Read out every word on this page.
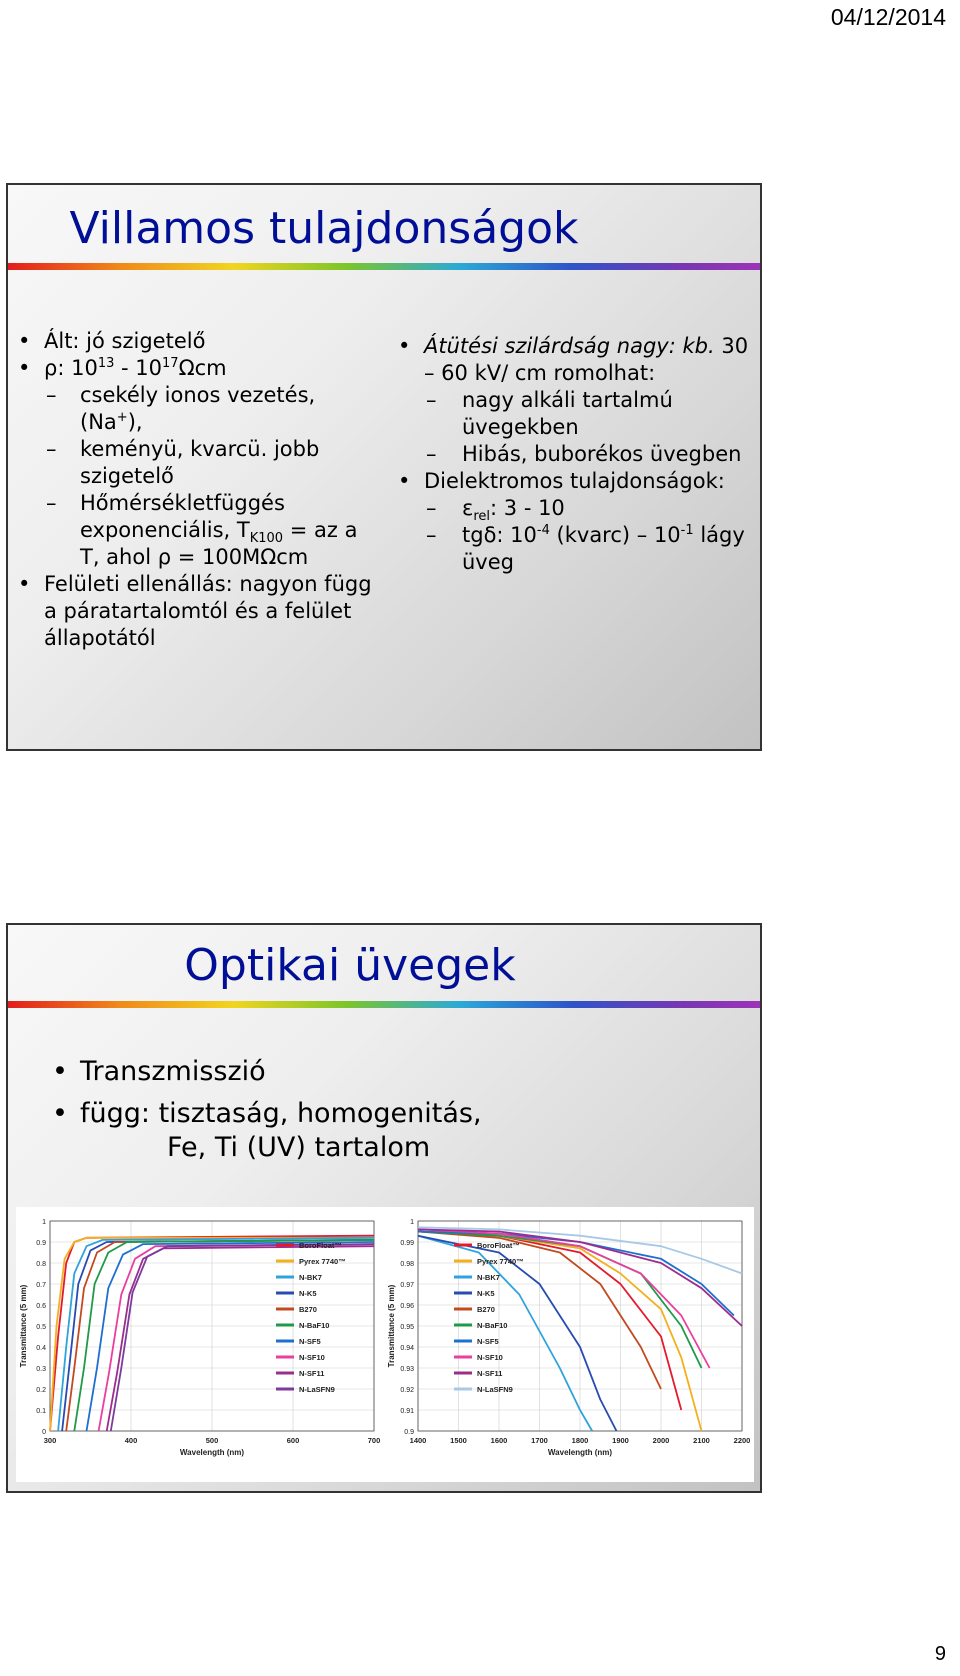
04/12/2014
Villamos tulajdonságok

• Ált: jó szigetelő

• ρ: $10^{13} - 10^{17}\Omega cm$

– csekély ionos vezetés, (Na+),

– keményü, kvarcü. jobb szigetelő

– Hőmérsékletfüggés exponenciális, $T_{K100}$ = az a T, ahol ρ = 100MΩcm

• Felületi ellenállás: nagyon függ a páratartalomtól és a felület állapotától

• Átütési szilárdság nagy: kb. 30 – 60 kV/ cm romolhat:

– nagy alkáli tartalmú üvegekben

– Hibás, buborékos üvegben

• Dielektromos tulajdonságok:

– $\varepsilon_{rel}$: 3 - 10

– tgδ: $10^{-4}$ (kvarc) – $10^{-1}$ lágy üveg

Optikai üvegek
• Transzmisszió
• függ: tisztaság, homogenitás,
Fe, Ti (UV) tartalom
0
0.1
0.2
0.3
0.4
0.5
0.6
0.7
0.8
0.9
1
300	400	500	600	700
Wavelength (nm)
Transmittance (5 mm)
BoroFloat™
Pyrex 7740™
N-BK7
N-K5
B270
N-BaF10
N-SF5
N-SF10
N-SF11
N-LaSFN9
0.9
0.91
0.92
0.93
0.94
0.95
0.96
0.97
0.98
0.99
1
1400	1500	1600	1700	1800	1900	2000	2100	2200
Wavelength (nm)
Transmittance (5 mm)
BoroFloat™
Pyrex 7740™
N-BK7
N-K5
B270
N-BaF10
N-SF5
N-SF10
N-SF11
N-LaSFN9
9
